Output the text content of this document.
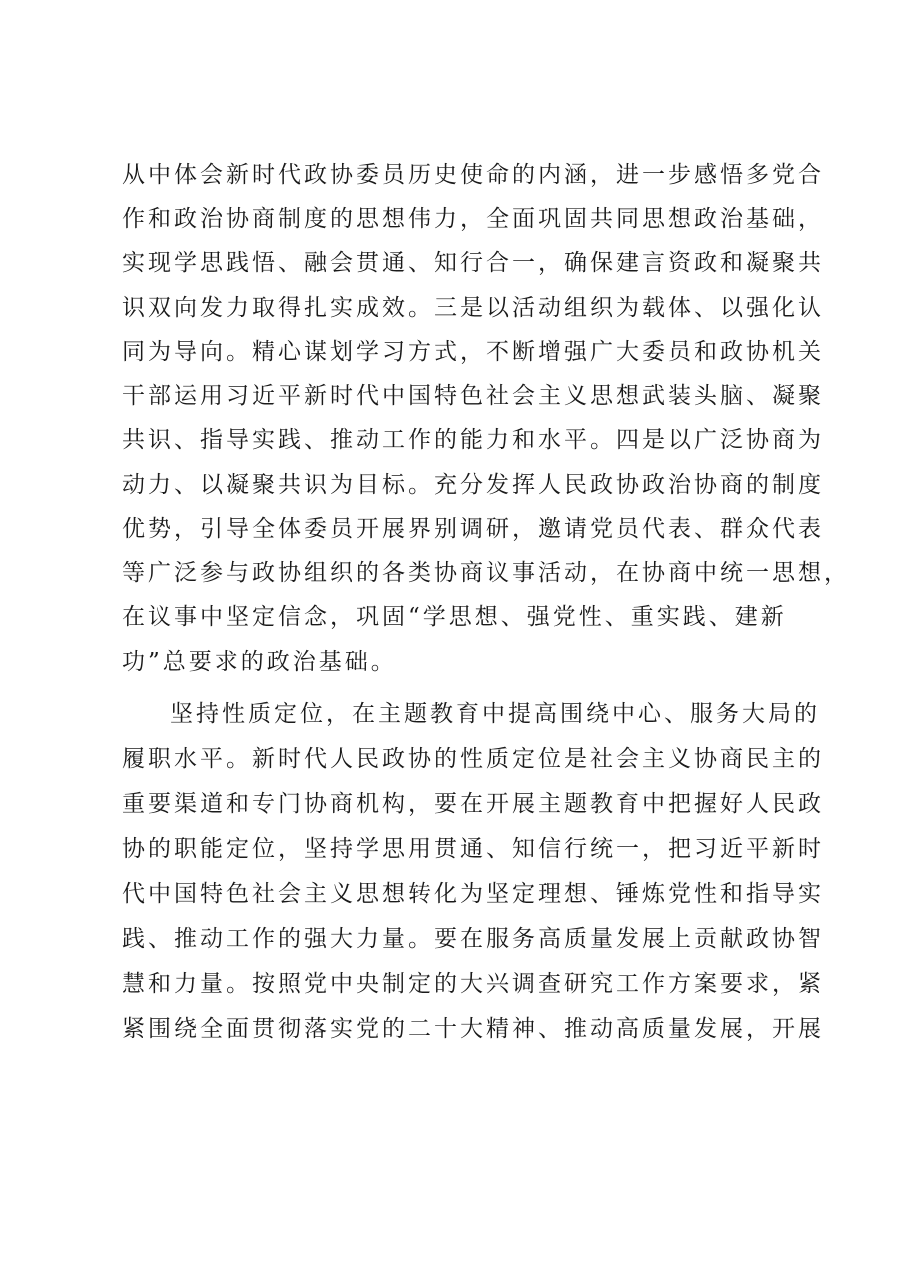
从中体会新时代政协委员历史使命的内涵，进一步感悟多党合
作和政治协商制度的思想伟力，全面巩固共同思想政治基础，
实现学思践悟、融会贯通、知行合一，确保建言资政和凝聚共
识双向发力取得扎实成效。三是以活动组织为载体、以强化认
同为导向。精心谋划学习方式，不断增强广大委员和政协机关
干部运用习近平新时代中国特色社会主义思想武装头脑、凝聚
共识、指导实践、推动工作的能力和水平。四是以广泛协商为
动力、以凝聚共识为目标。充分发挥人民政协政治协商的制度
优势，引导全体委员开展界别调研，邀请党员代表、群众代表
等广泛参与政协组织的各类协商议事活动，在协商中统一思想，
在议事中坚定信念，巩固“学思想、强党性、重实践、建新
功”总要求的政治基础。
坚持性质定位，在主题教育中提高围绕中心、服务大局的
履职水平。新时代人民政协的性质定位是社会主义协商民主的
重要渠道和专门协商机构，要在开展主题教育中把握好人民政
协的职能定位，坚持学思用贯通、知信行统一，把习近平新时
代中国特色社会主义思想转化为坚定理想、锤炼党性和指导实
践、推动工作的强大力量。要在服务高质量发展上贡献政协智
慧和力量。按照党中央制定的大兴调查研究工作方案要求，紧
紧围绕全面贯彻落实党的二十大精神、推动高质量发展，开展
